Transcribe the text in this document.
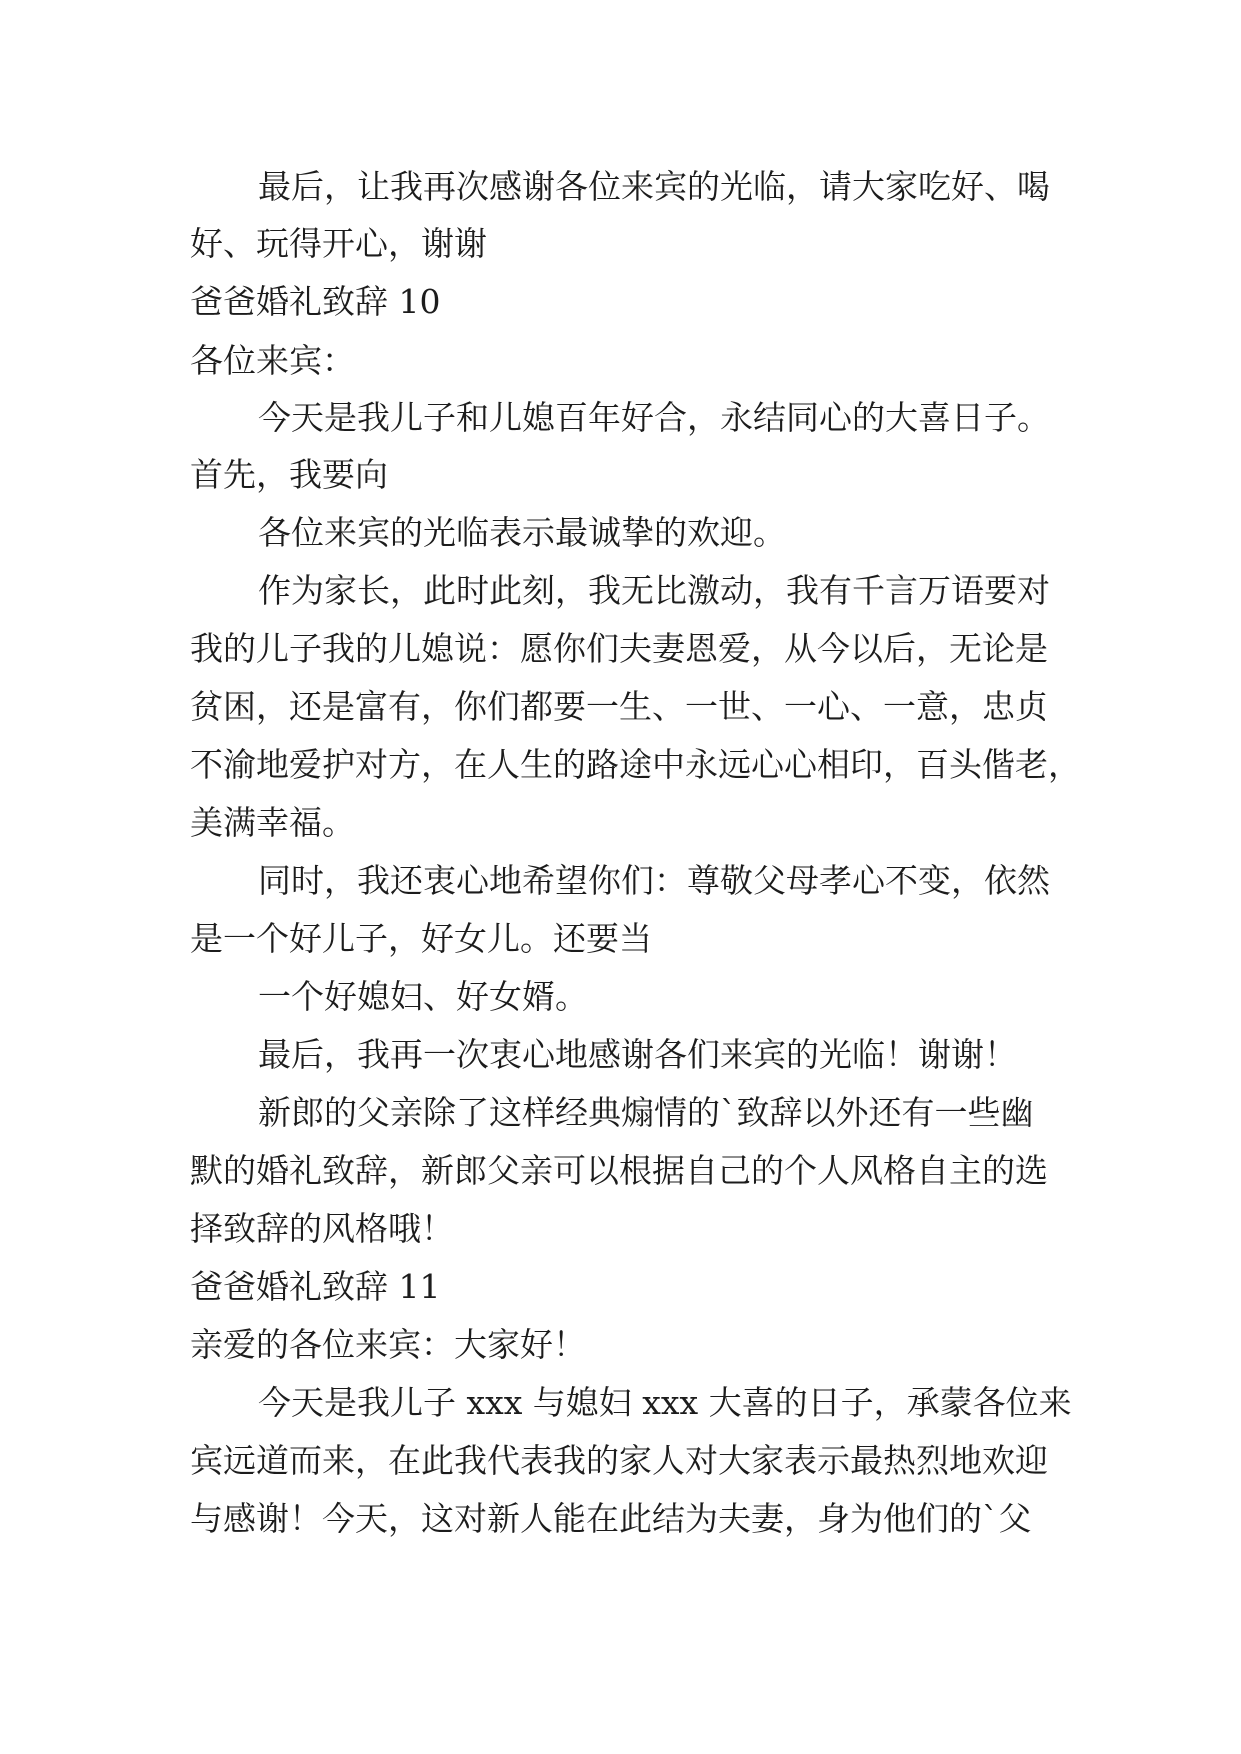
最后，让我再次感谢各位来宾的光临，请大家吃好、喝
好、玩得开心，谢谢
爸爸婚礼致辞 10
各位来宾：
今天是我儿子和儿媳百年好合，永结同心的大喜日子。
首先，我要向
各位来宾的光临表示最诚挚的欢迎。
作为家长，此时此刻，我无比激动，我有千言万语要对
我的儿子我的儿媳说：愿你们夫妻恩爱，从今以后，无论是
贫困，还是富有，你们都要一生、一世、一心、一意，忠贞
不渝地爱护对方，在人生的路途中永远心心相印，百头偕老，
美满幸福。
同时，我还衷心地希望你们：尊敬父母孝心不变，依然
是一个好儿子，好女儿。还要当
一个好媳妇、好女婿。
最后，我再一次衷心地感谢各们来宾的光临！谢谢！
新郎的父亲除了这样经典煽情的`致辞以外还有一些幽
默的婚礼致辞，新郎父亲可以根据自己的个人风格自主的选
择致辞的风格哦！
爸爸婚礼致辞 11
亲爱的各位来宾：大家好！
今天是我儿子 xxx 与媳妇 xxx 大喜的日子，承蒙各位来
宾远道而来，在此我代表我的家人对大家表示最热烈地欢迎
与感谢！今天，这对新人能在此结为夫妻，身为他们的`父
